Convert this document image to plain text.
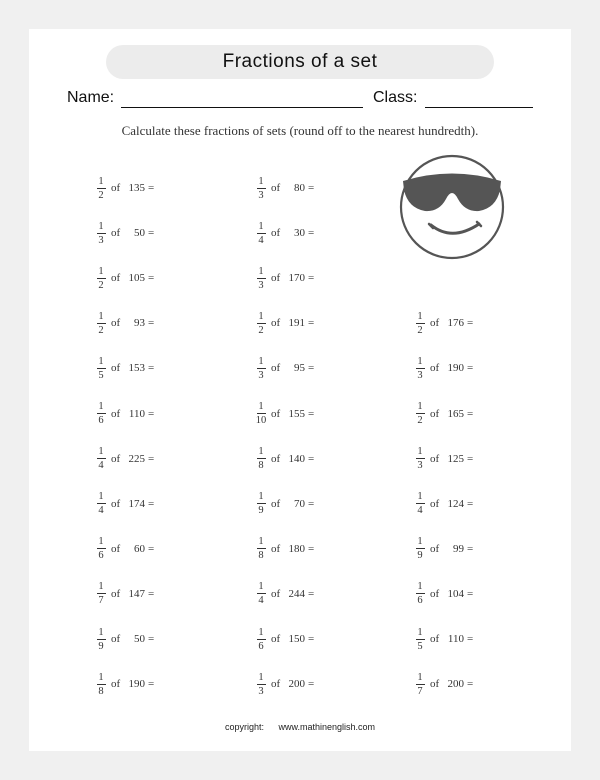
Fractions of a set
Name:	Class:
Calculate these fractions of sets (round off to the nearest hundredth).
$\frac{1}{2}$ of 135 =
$\frac{1}{3}$ of	50 =
$\frac{1}{2}$ of 105 =
$\frac{1}{2}$ of	93 =
$\frac{1}{5}$ of 153 =
$\frac{1}{6}$ of 110 =
$\frac{1}{4}$ of 225 =
$\frac{1}{4}$ of 174 =
$\frac{1}{6}$ of	60 =
$\frac{1}{7}$ of 147 =
$\frac{1}{9}$ of	50 =
$\frac{1}{8}$ of 190 =
$\frac{1}{3}$ of	80 =
$\frac{1}{4}$ of	30 =
$\frac{1}{3}$ of 170 =
$\frac{1}{2}$ of 191 =
$\frac{1}{3}$ of	95 =
$\frac{1}{10}$ of 155 =
$\frac{1}{8}$ of 140 =
$\frac{1}{9}$ of	70 =
$\frac{1}{8}$ of 180 =
$\frac{1}{4}$ of 244 =
$\frac{1}{6}$ of 150 =
$\frac{1}{3}$ of 200 =
$\frac{1}{2}$ of 176 =
$\frac{1}{3}$ of 190 =
$\frac{1}{2}$ of 165 =
$\frac{1}{3}$ of 125 =
$\frac{1}{4}$ of 124 =
$\frac{1}{9}$ of	99 =
$\frac{1}{6}$ of 104 =
$\frac{1}{5}$ of 110 =
$\frac{1}{7}$ of 200 =
copyright: www.mathinenglish.com
